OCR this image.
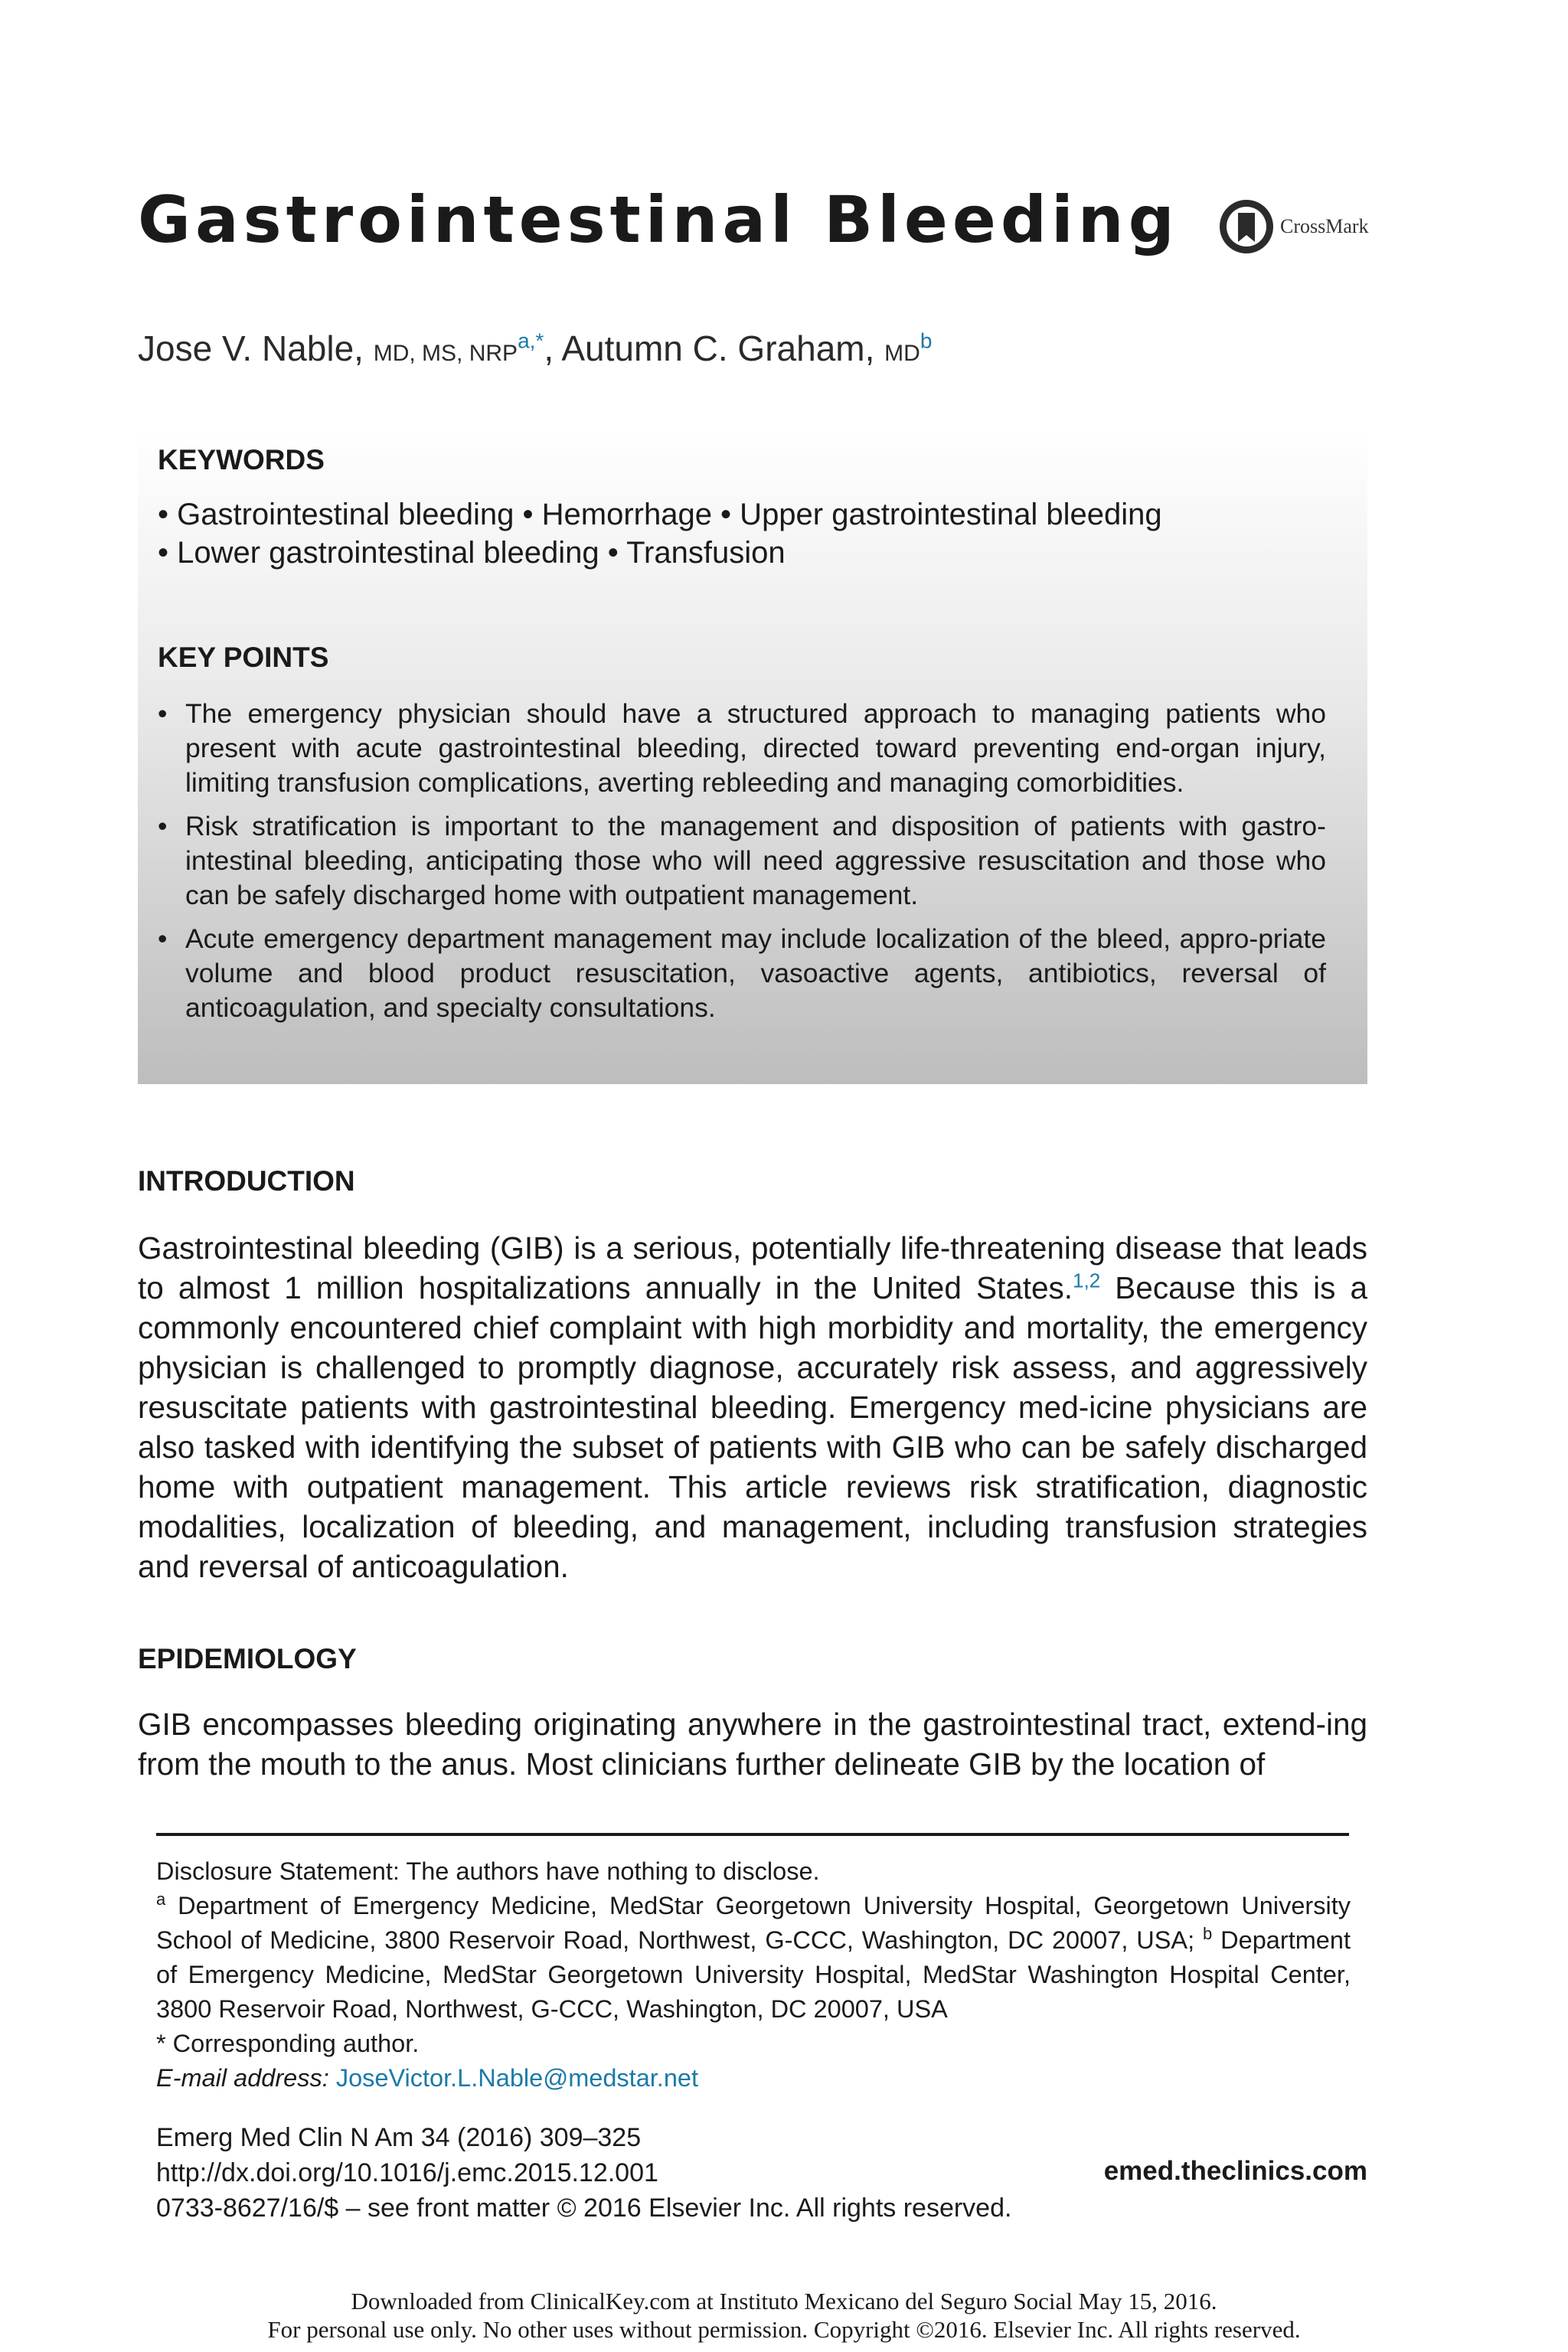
Gastrointestinal Bleeding	CrossMark
Jose V. Nable, MD, MS, $NRP^{a,*}$, Autumn C. Graham, $MD^b$
KEYWORDS
• Gastrointestinal bleeding • Hemorrhage • Upper gastrointestinal bleeding
• Lower gastrointestinal bleeding • Transfusion
KEY POINTS
• The emergency physician should have a structured approach to managing patients who present with acute gastrointestinal bleeding, directed toward preventing end-organ injury, limiting transfusion complications, averting rebleeding and managing comorbidities.
• Risk stratification is important to the management and disposition of patients with gastro-intestinal bleeding, anticipating those who will need aggressive resuscitation and those who can be safely discharged home with outpatient management.
• Acute emergency department management may include localization of the bleed, appro-priate volume and blood product resuscitation, vasoactive agents, antibiotics, reversal of anticoagulation, and specialty consultations.
INTRODUCTION

Gastrointestinal bleeding (GIB) is a serious, potentially life-threatening disease that leads to almost 1 million hospitalizations annually in the United States.$^{1,2}$ Because this is a commonly encountered chief complaint with high morbidity and mortality, the emergency physician is challenged to promptly diagnose, accurately risk assess, and aggressively resuscitate patients with gastrointestinal bleeding. Emergency med-icine physicians are also tasked with identifying the subset of patients with GIB who can be safely discharged home with outpatient management. This article reviews risk stratification, diagnostic modalities, localization of bleeding, and management, including transfusion strategies and reversal of anticoagulation.

EPIDEMIOLOGY

GIB encompasses bleeding originating anywhere in the gastrointestinal tract, extend-ing from the mouth to the anus. Most clinicians further delineate GIB by the location of

Disclosure Statement: The authors have nothing to disclose.
$^a$ Department of Emergency Medicine, MedStar Georgetown University Hospital, Georgetown University School of Medicine, 3800 Reservoir Road, Northwest, G-CCC, Washington, DC 20007, USA; $^b$ Department of Emergency Medicine, MedStar Georgetown University Hospital, MedStar Washington Hospital Center, 3800 Reservoir Road, Northwest, G-CCC, Washington, DC 20007, USA
* Corresponding author.
E-mail address: JoseVictor.L.Nable@medstar.net
Emerg Med Clin N Am 34 (2016) 309–325
http://dx.doi.org/10.1016/j.emc.2015.12.001	emed.theclinics.com
0733-8627/16/$ – see front matter © 2016 Elsevier Inc. All rights reserved.
Downloaded from ClinicalKey.com at Instituto Mexicano del Seguro Social May 15, 2016.
For personal use only. No other uses without permission. Copyright ©2016. Elsevier Inc. All rights reserved.
